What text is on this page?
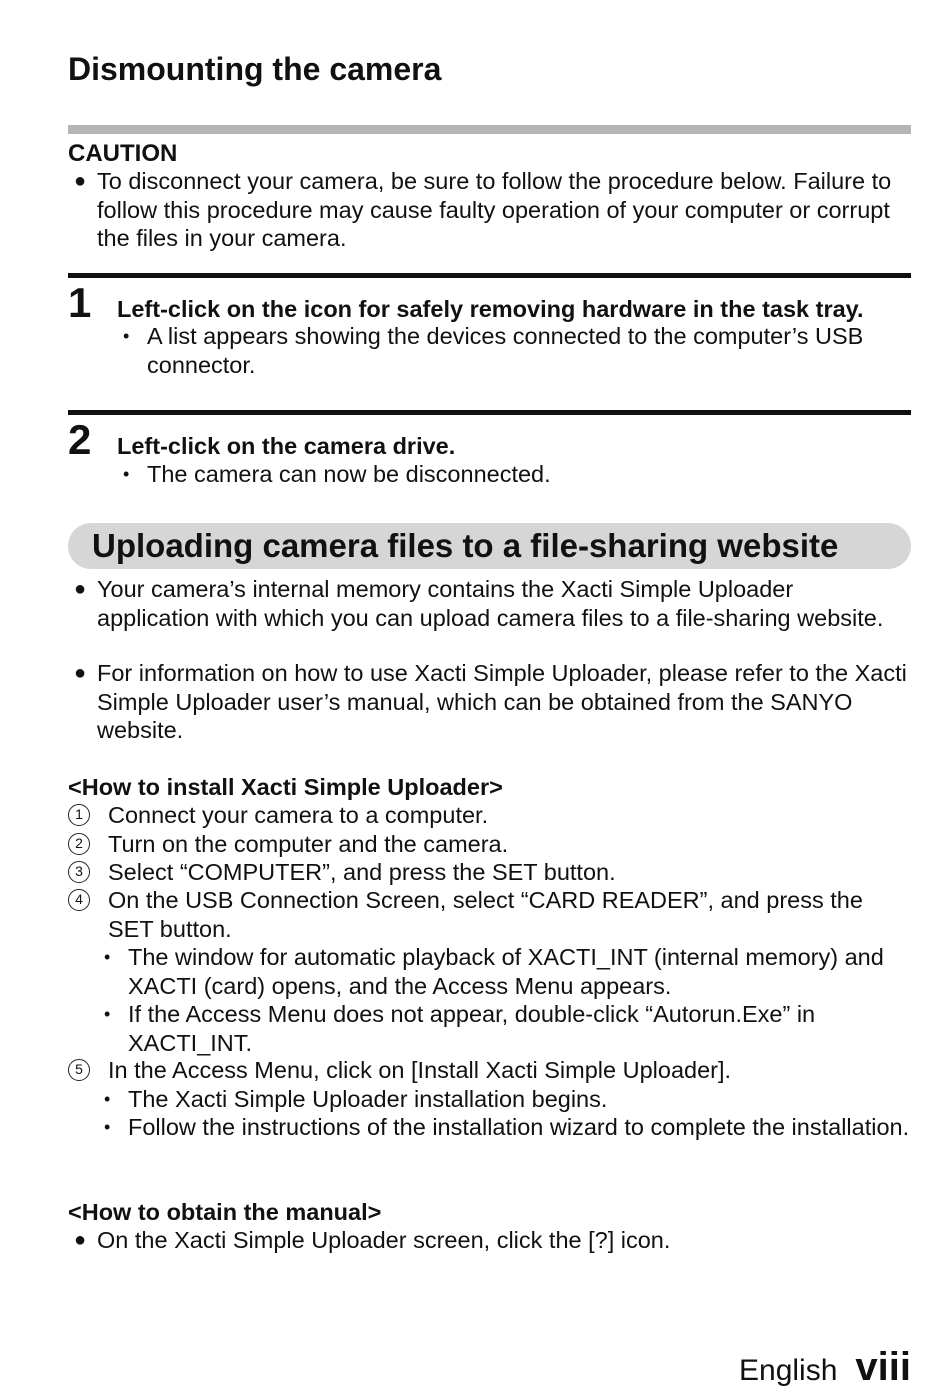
Dismounting the camera
CAUTION
● To disconnect your camera, be sure to follow the procedure below. Failure to follow this procedure may cause faulty operation of your computer or corrupt the files in your camera.
1 Left-click on the icon for safely removing hardware in the task tray.
• A list appears showing the devices connected to the computer’s USB connector.
2 Left-click on the camera drive.
• The camera can now be disconnected.
Uploading camera files to a file-sharing website
● Your camera’s internal memory contains the Xacti Simple Uploader application with which you can upload camera files to a file-sharing website.
● For information on how to use Xacti Simple Uploader, please refer to the Xacti Simple Uploader user’s manual, which can be obtained from the SANYO website.
<How to install Xacti Simple Uploader>
1	Connect your camera to a computer.
2	Turn on the computer and the camera.
3	Select “COMPUTER”, and press the SET button.
4	On the USB Connection Screen, select “CARD READER”, and press the SET button.
• The window for automatic playback of XACTI_INT (internal memory) and XACTI (card) opens, and the Access Menu appears.
• If the Access Menu does not appear, double-click “Autorun.Exe” in XACTI_INT.
5	In the Access Menu, click on [Install Xacti Simple Uploader].
• The Xacti Simple Uploader installation begins.
• Follow the instructions of the installation wizard to complete the installation.
<How to obtain the manual>
● On the Xacti Simple Uploader screen, click the [?] icon.
English viii
